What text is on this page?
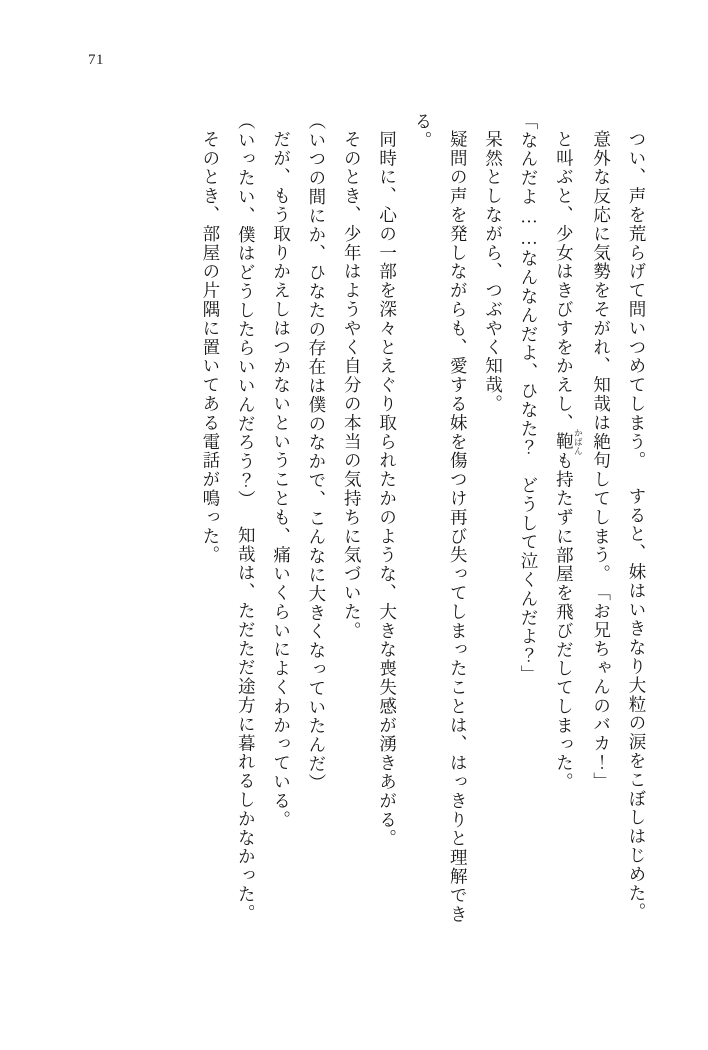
71

つい、声を荒らげて問いつめてしまう。

すると、妹はいきなり大粒の涙をこぼしはじめた。

意外な反応に気勢をそがれ、知哉は絶句してしまう。

「お兄ちゃんのバカ！」

と叫ぶと、少女はきびすをかえし、鞄 かばんも持たずに部屋を飛びだしてしまった。

「なんだよ……なんなんだよ、ひなた？　どうして泣くんだよ？」

呆然としながら、つぶやく知哉。

疑問の声を発しながらも、愛する妹を傷つけ再び失ってしまったことは、はっきりと理解できる。

同時に、心の一部を深々とえぐり取られたかのような、大きな喪失感が湧きあがる。

そのとき、少年はようやく自分の本当の気持ちに気づいた。

（いつの間にか、ひなたの存在は僕のなかで、こんなに大きくなっていたんだ）

だが、もう取りかえしはつかないということも、痛いくらいによくわかっている。

（いったい、僕はどうしたらいいんだろう？）

知哉は、ただただ途方に暮れるしかなかった。

そのとき、部屋の片隅に置いてある電話が鳴った。
